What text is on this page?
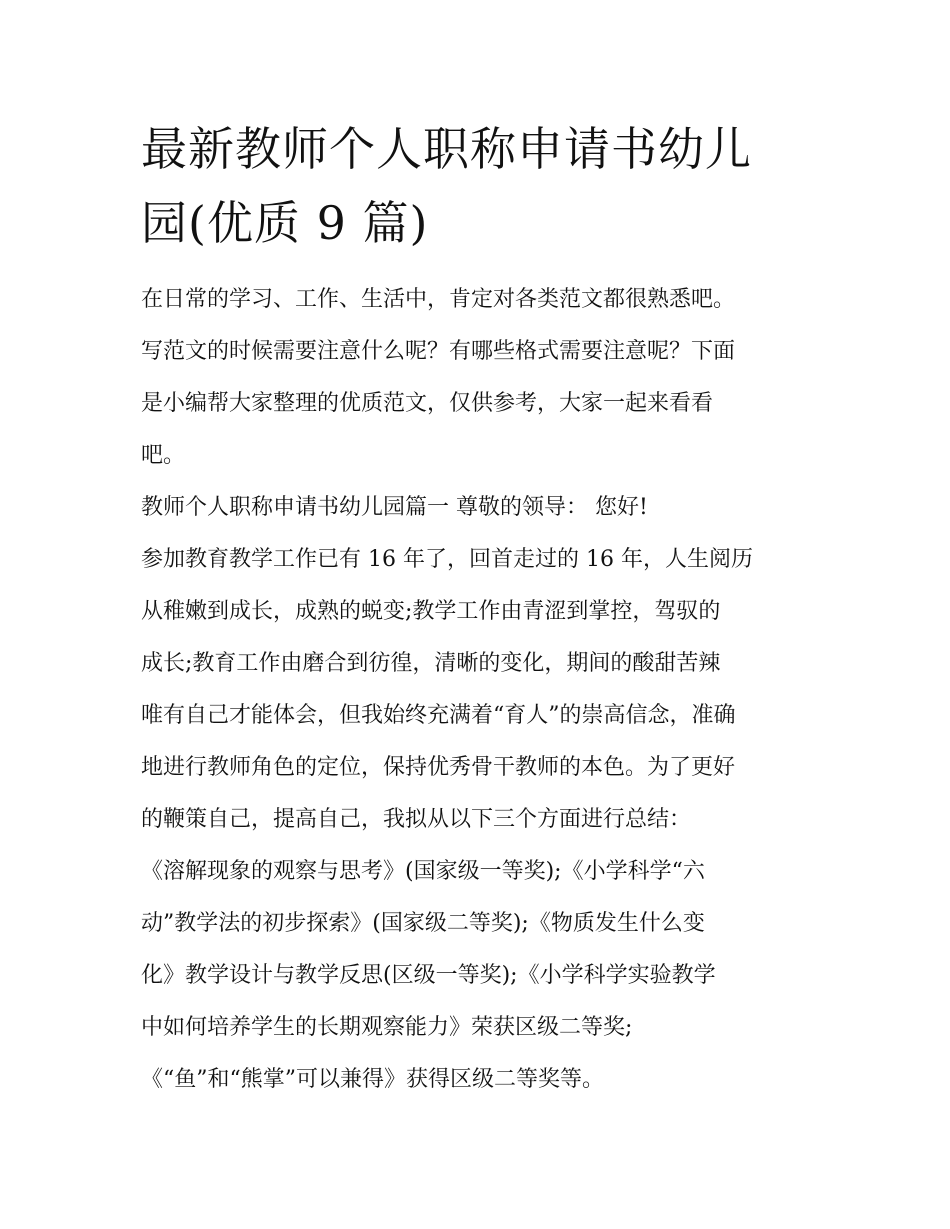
最新教师个人职称申请书幼儿
园(优质 9 篇)
在日常的学习、工作、生活中，肯定对各类范文都很熟悉吧。
写范文的时候需要注意什么呢？有哪些格式需要注意呢？下面
是小编帮大家整理的优质范文，仅供参考，大家一起来看看
吧。
教师个人职称申请书幼儿园篇一 尊敬的领导： 您好!
参加教育教学工作已有 16 年了，回首走过的 16 年，人生阅历
从稚嫩到成长，成熟的蜕变;教学工作由青涩到掌控，驾驭的
成长;教育工作由磨合到彷徨，清晰的变化，期间的酸甜苦辣
唯有自己才能体会，但我始终充满着“育人”的崇高信念，准确
地进行教师角色的定位，保持优秀骨干教师的本色。为了更好
的鞭策自己，提高自己，我拟从以下三个方面进行总结：
《溶解现象的观察与思考》(国家级一等奖);《小学科学“六
动”教学法的初步探索》(国家级二等奖);《物质发生什么变
化》教学设计与教学反思(区级一等奖);《小学科学实验教学
中如何培养学生的长期观察能力》荣获区级二等奖;
《“鱼”和“熊掌”可以兼得》获得区级二等奖等。
